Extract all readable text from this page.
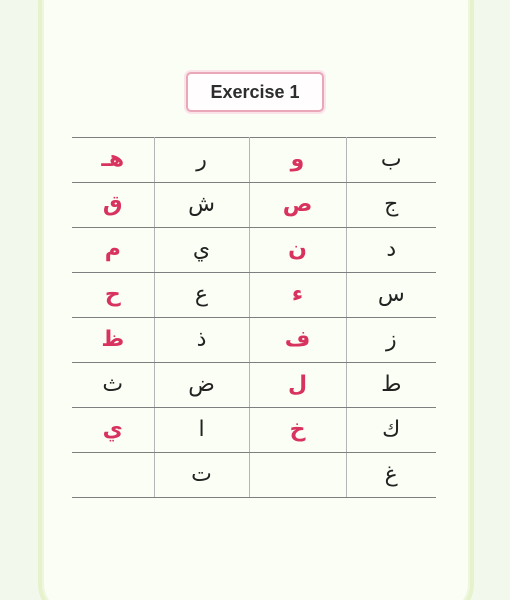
Exercise 1
هـ	ر	و	ب
ق	ش	ص	ج
م	ي	ن	د
ح	ع	ء	س
ظ	ذ	ف	ز
ث	ض	ل	ط
ي	ا	خ	ك
	ت		غ
